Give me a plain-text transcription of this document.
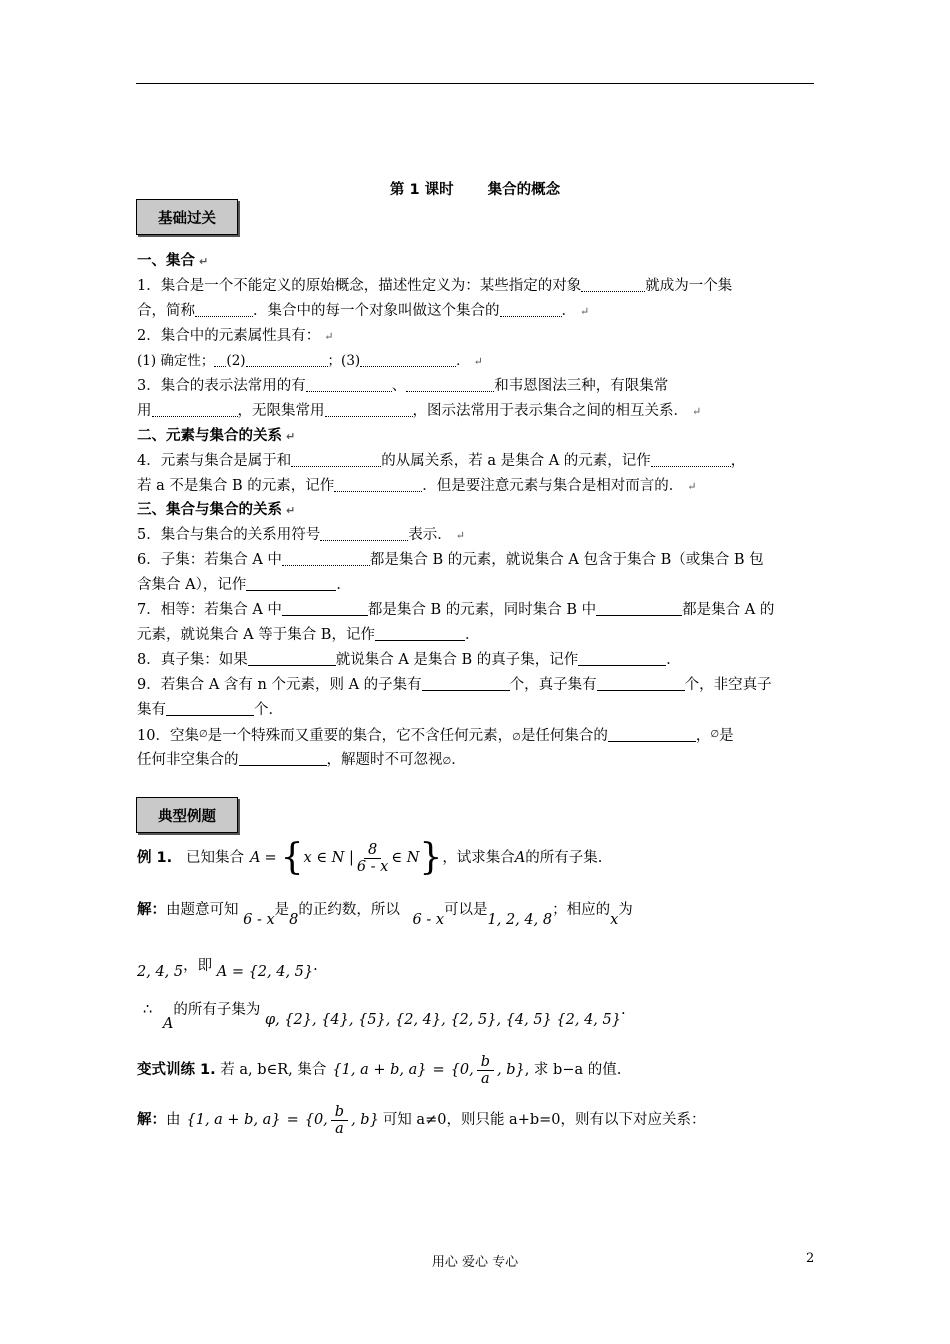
第 1 课时 集合的概念
基础过关
一、集合 ↵
1．集合是一个不能定义的原始概念，描述性定义为：某些指定的对象	就成为一个集
合，简称	．集合中的每一个对象叫做这个集合的	． ↵
2．集合中的元素属性具有： ↵
(1) 确定性； (2)	；(3)	． ↵
3．集合的表示法常用的有	、	和韦恩图法三种，有限集常
用	，无限集常用	，图示法常用于表示集合之间的相互关系． ↵
二、元素与集合的关系 ↵
4．元素与集合是属于和	的从属关系，若 a 是集合 A 的元素，记作	，
若 a 不是集合 B 的元素，记作	．但是要注意元素与集合是相对而言的． ↵
三、集合与集合的关系 ↵
5．集合与集合的关系用符号	表示． ↵
6．子集：若集合 A 中	都是集合 B 的元素，就说集合 A 包含于集合 B（或集合 B 包
含集合 A），记作	．
7．相等：若集合 A 中	都是集合 B 的元素，同时集合 B 中	都是集合 A 的
元素，就说集合 A 等于集合 B，记作	．
8．真子集：如果	就说集合 A 是集合 B 的真子集，记作	．
9．若集合 A 含有 n 个元素，则 A 的子集有	个，真子集有	个，非空真子
集有	个．
10．空集∅是一个特殊而又重要的集合，它不含任何元素，∅是任何集合的	，∅是
任何非空集合的	，解题时不可忽视∅．
典型例题
例 1.
已知集合 A = { x ∈ N | $\frac{8}{6 - x}$ ∈ N } ，试求集合 A 的所有子集.
解：由题意可知 6 - x是8的正约数，所以 6 - x可以是1, 2, 4, 8；相应的x为
2, 4, 5，即 A = {2, 4, 5}.
∴ A的所有子集为 φ, {2}, {4}, {5}, {2, 4}, {2, 5}, {4, 5} {2, 4, 5}.
变式训练 1.
若 a, b ∈ R, 集合 {1, a + b, a} = {0, $\frac{b}{a}$ , b} , 求 b−a 的值.
解： 由 {1, a + b, a} = {0, $\frac{b}{a}$ , b} 可知 a≠0，则只能 a+b=0，则有以下对应关系：
用心 爱心 专心	2
